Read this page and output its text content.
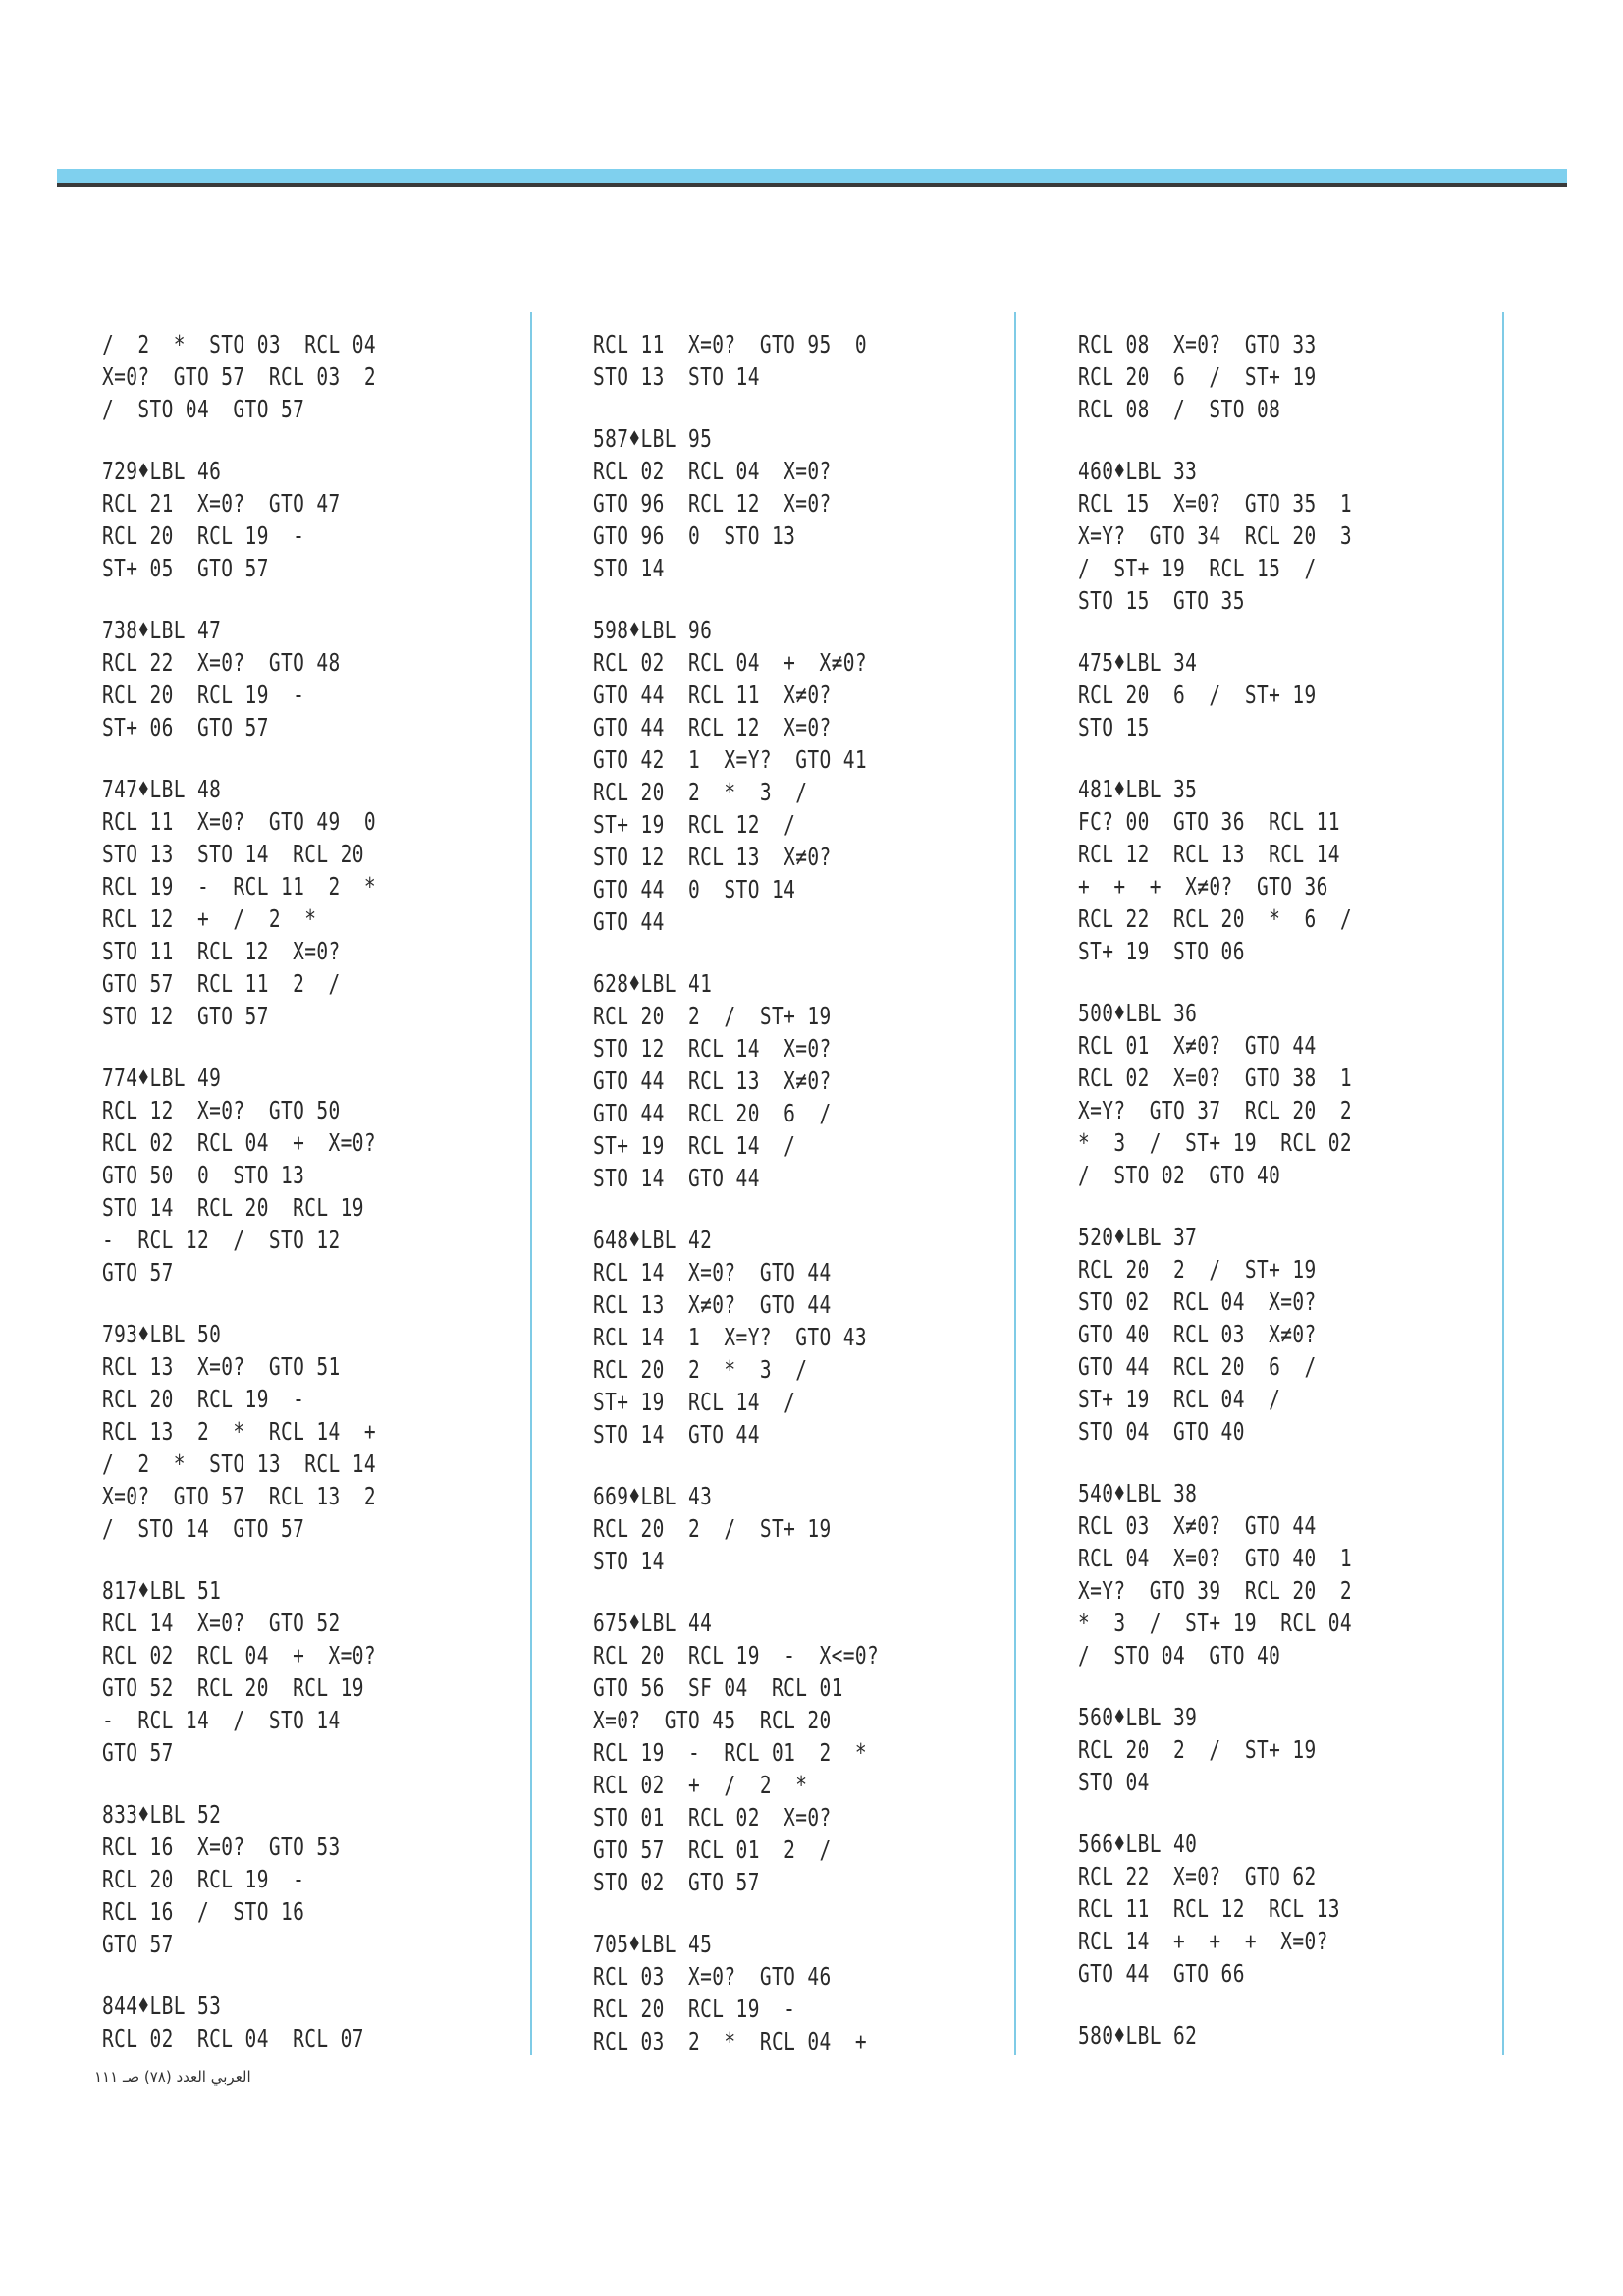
/  2  *  STO 03  RCL 04
X=0?  GTO 57  RCL 03  2
/  STO 04  GTO 57
729♦LBL 46
RCL 21  X=0?  GTO 47
RCL 20  RCL 19  -
ST+ 05  GTO 57
738♦LBL 47
RCL 22  X=0?  GTO 48
RCL 20  RCL 19  -
ST+ 06  GTO 57
747♦LBL 48
RCL 11  X=0?  GTO 49  0
STO 13  STO 14  RCL 20
RCL 19  -  RCL 11  2  *
RCL 12  +  /  2  *
STO 11  RCL 12  X=0?
GTO 57  RCL 11  2  /
STO 12  GTO 57
774♦LBL 49
RCL 12  X=0?  GTO 50
RCL 02  RCL 04  +  X=0?
GTO 50  0  STO 13
STO 14  RCL 20  RCL 19
-  RCL 12  /  STO 12
GTO 57
793♦LBL 50
RCL 13  X=0?  GTO 51
RCL 20  RCL 19  -
RCL 13  2  *  RCL 14  +
/  2  *  STO 13  RCL 14
X=0?  GTO 57  RCL 13  2
/  STO 14  GTO 57
817♦LBL 51
RCL 14  X=0?  GTO 52
RCL 02  RCL 04  +  X=0?
GTO 52  RCL 20  RCL 19
-  RCL 14  /  STO 14
GTO 57
833♦LBL 52
RCL 16  X=0?  GTO 53
RCL 20  RCL 19  -
RCL 16  /  STO 16
GTO 57
844♦LBL 53
RCL 02  RCL 04  RCL 07
RCL 11  X=0?  GTO 95  0
STO 13  STO 14
587♦LBL 95
RCL 02  RCL 04  X=0?
GTO 96  RCL 12  X=0?
GTO 96  0  STO 13
STO 14
598♦LBL 96
RCL 02  RCL 04  +  X≠0?
GTO 44  RCL 11  X≠0?
GTO 44  RCL 12  X=0?
GTO 42  1  X=Y?  GTO 41
RCL 20  2  *  3  /
ST+ 19  RCL 12  /
STO 12  RCL 13  X≠0?
GTO 44  0  STO 14
GTO 44
628♦LBL 41
RCL 20  2  /  ST+ 19
STO 12  RCL 14  X=0?
GTO 44  RCL 13  X≠0?
GTO 44  RCL 20  6  /
ST+ 19  RCL 14  /
STO 14  GTO 44
648♦LBL 42
RCL 14  X=0?  GTO 44
RCL 13  X≠0?  GTO 44
RCL 14  1  X=Y?  GTO 43
RCL 20  2  *  3  /
ST+ 19  RCL 14  /
STO 14  GTO 44
669♦LBL 43
RCL 20  2  /  ST+ 19
STO 14
675♦LBL 44
RCL 20  RCL 19  -  X<=0?
GTO 56  SF 04  RCL 01
X=0?  GTO 45  RCL 20
RCL 19  -  RCL 01  2  *
RCL 02  +  /  2  *
STO 01  RCL 02  X=0?
GTO 57  RCL 01  2  /
STO 02  GTO 57
705♦LBL 45
RCL 03  X=0?  GTO 46
RCL 20  RCL 19  -
RCL 03  2  *  RCL 04  +
RCL 08  X=0?  GTO 33
RCL 20  6  /  ST+ 19
RCL 08  /  STO 08
460♦LBL 33
RCL 15  X=0?  GTO 35  1
X=Y?  GTO 34  RCL 20  3
/  ST+ 19  RCL 15  /
STO 15  GTO 35
475♦LBL 34
RCL 20  6  /  ST+ 19
STO 15
481♦LBL 35
FC? 00  GTO 36  RCL 11
RCL 12  RCL 13  RCL 14
+  +  +  X≠0?  GTO 36
RCL 22  RCL 20  *  6  /
ST+ 19  STO 06
500♦LBL 36
RCL 01  X≠0?  GTO 44
RCL 02  X=0?  GTO 38  1
X=Y?  GTO 37  RCL 20  2
*  3  /  ST+ 19  RCL 02
/  STO 02  GTO 40
520♦LBL 37
RCL 20  2  /  ST+ 19
STO 02  RCL 04  X=0?
GTO 40  RCL 03  X≠0?
GTO 44  RCL 20  6  /
ST+ 19  RCL 04  /
STO 04  GTO 40
540♦LBL 38
RCL 03  X≠0?  GTO 44
RCL 04  X=0?  GTO 40  1
X=Y?  GTO 39  RCL 20  2
*  3  /  ST+ 19  RCL 04
/  STO 04  GTO 40
560♦LBL 39
RCL 20  2  /  ST+ 19
STO 04
566♦LBL 40
RCL 22  X=0?  GTO 62
RCL 11  RCL 12  RCL 13
RCL 14  +  +  +  X=0?
GTO 44  GTO 66
580♦LBL 62
العربي العدد (٧٨) صـ ١١١
